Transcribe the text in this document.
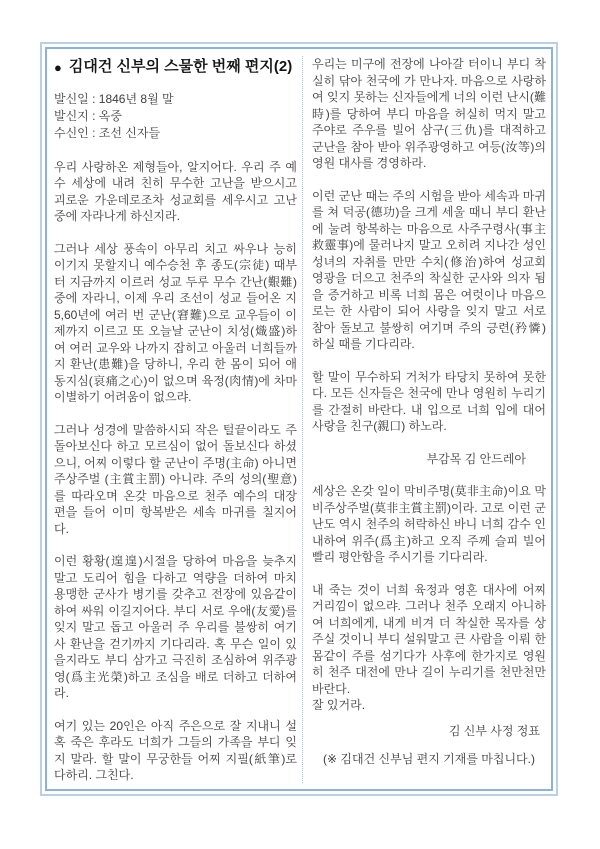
● 김대건 신부의 스물한 번째 편지(2)
발신일 : 1846년 8월 말
발신지 : 옥중
수신인 : 조선 신자들

우리 사랑하온 제형들아, 알지어다. 우리 주 예수 세상에 내려 친히 무수한 고난을 받으시고 괴로운 가운데로조차 성교회를 세우시고 고난 중에 자라나게 하신지라.

그러나 세상 풍속이 아무리 치고 싸우나 능히 이기지 못할지니 예수승천 후 종도(宗徒) 때부터 지금까지 이르러 성교 두루 무수 간난(艱難) 중에 자라니, 이제 우리 조선이 성교 들어온 지 5,60년에 여러 번 군난(窘難)으로 교우들이 이제까지 이르고 또 오늘날 군난이 치성(熾盛)하여 여러 교우와 나까지 잡히고 아울러 너희들까지 환난(患難)을 당하니, 우리 한 몸이 되어 애동지심(哀痛之心)이 없으며 육정(肉情)에 차마 이별하기 어려움이 없으랴.

그러나 성경에 말씀하시되 작은 털끝이라도 주 돌아보신다 하고 모르심이 없어 돌보신다 하셨으니, 어찌 이렇다 할 군난이 주명(主命) 아니면 주상주벌 (主賞主罰) 아니랴. 주의 성의(聖意)를 따라오며 온갖 마음으로 천주 예수의 대장 편을 들어 이미 항복받은 세속 마귀를 칠지어다.

이런 황황(遑遑)시절을 당하여 마음을 늦추지 말고 도리어 힘을 다하고 역량을 더하여 마치 용맹한 군사가 병기를 갖추고 전장에 있음같이 하여 싸워 이길지어다. 부디 서로 우애(友愛)를 잊지 말고 돕고 아울러 주 우리를 불쌍히 여기사 환난을 걷기까지 기다리라. 혹 무슨 일이 있을지라도 부디 삼가고 극진히 조심하여 위주광영(爲主光榮)하고 조심을 배로 더하고 더하여라.

여기 있는 20인은 아직 주은으로 잘 지내니 설혹 죽은 후라도 너희가 그들의 가족을 부디 잊지 말라. 할 말이 무궁한들 어찌 지필(紙筆)로 다하리. 그친다.

우리는 미구에 전장에 나아갈 터이니 부디 착실히 닦아 천국에 가 만나자. 마음으로 사랑하여 잊지 못하는 신자들에게 너의 이런 난시(難時)를 당하여 부디 마음을 허실히 먹지 말고 주야로 주우를 빌어 삼구(三仇)를 대적하고 군난을 참아 받아 위주광영하고 여등(汝等)의 영원 대사를 경영하라.

이런 군난 때는 주의 시험을 받아 세속과 마귀를 쳐 덕공(德功)을 크게 세울 때니 부디 환난에 눌려 항복하는 마음으로 사주구령사(事主救靈事)에 물러나지 말고 오히려 지나간 성인성녀의 자취를 만만 수치(修治)하여 성교회 영광을 더으고 천주의 착실한 군사와 의자 됨을 증거하고 비록 너희 몸은 여럿이나 마음으로는 한 사람이 되어 사랑을 잊지 말고 서로 참아 돌보고 불쌍히 여기며 주의 긍련(矜憐)하실 때를 기다리라.

할 말이 무수하되 거처가 타당치 못하여 못한다. 모든 신자들은 천국에 만나 영원히 누리기를 간절히 바란다. 내 입으로 너희 입에 대어 사랑을 친구(親口) 하노라.

부감목 김 안드레아

세상은 온갖 일이 막비주명(莫非主命)이요 막비주상주벌(莫非主賞主罰)이라. 고로 이런 군난도 역시 천주의 허락하신 바니 너희 감수 인내하여 위주(爲主)하고 오직 주께 슬피 빌어 빨리 평안함을 주시기를 기다리라.

내 죽는 것이 너희 육정과 영혼 대사에 어찌 거리낌이 없으랴. 그러나 천주 오래지 아니하여 너희에게, 내게 비겨 더 착실한 목자를 상 주실 것이니 부디 설워말고 큰 사람을 이뤄 한몸같이 주를 섬기다가 사후에 한가지로 영원히 천주 대전에 만나 길이 누리기를 천만천만 바란다.

잘 있거라.

김 신부 사정 정표
(※ 김대건 신부님 편지 기재를 마칩니다.)
